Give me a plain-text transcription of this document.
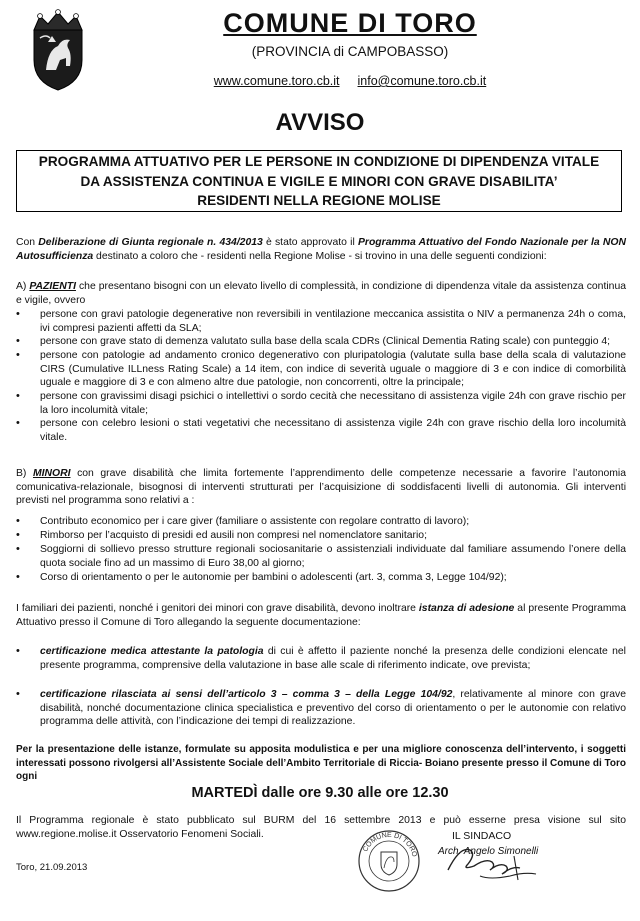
COMUNE DI TORO
(PROVINCIA di CAMPOBASSO)
www.comune.toro.cb.it info@comune.toro.cb.it
AVVISO
PROGRAMMA ATTUATIVO PER LE PERSONE IN CONDIZIONE DI DIPENDENZA VITALE
DA ASSISTENZA CONTINUA E VIGILE E MINORI CON GRAVE DISABILITA’
RESIDENTI NELLA REGIONE MOLISE
Con Deliberazione di Giunta regionale n. 434/2013 è stato approvato il Programma Attuativo del Fondo Nazionale per la NON Autosufficienza destinato a coloro che - residenti nella Regione Molise - si trovino in una delle seguenti condizioni:
A) PAZIENTI che presentano bisogni con un elevato livello di complessità, in condizione di dipendenza vitale da assistenza continua e vigile, ovvero
• persone con gravi patologie degenerative non reversibili in ventilazione meccanica assistita o NIV a permanenza 24h o coma, ivi compresi pazienti affetti da SLA;
• persone con grave stato di demenza valutato sulla base della scala CDRs (Clinical Dementia Rating scale) con punteggio 4;
• persone con patologie ad andamento cronico degenerativo con pluripatologia (valutate sulla base della scala di valutazione CIRS (Cumulative ILLness Rating Scale) a 14 item, con indice di severità uguale o maggiore di 3 e con indice di comorbilità uguale e maggiore di 3 e con almeno altre due patologie, non concorrenti, oltre la principale;
• persone con gravissimi disagi psichici o intellettivi o sordo cecità che necessitano di assistenza vigile 24h con grave rischio per la loro incolumità vitale;
• persone con celebro lesioni o stati vegetativi che necessitano di assistenza vigile 24h con grave rischio della loro incolumità vitale.
B) MINORI con grave disabilità che limita fortemente l’apprendimento delle competenze necessarie a favorire l’autonomia comunicativa-relazionale, bisognosi di interventi strutturati per l’acquisizione di soddisfacenti livelli di autonomia. Gli interventi previsti nel programma sono relativi a :
• Contributo economico per i care giver (familiare o assistente con regolare contratto di lavoro);
• Rimborso per l’acquisto di presidi ed ausili non compresi nel nomenclatore sanitario;
• Soggiorni di sollievo presso strutture regionali sociosanitarie o assistenziali individuate dal familiare assumendo l’onere della quota sociale fino ad un massimo di Euro 38,00 al giorno;
• Corso di orientamento o per le autonomie per bambini o adolescenti (art. 3, comma 3, Legge 104/92);
I familiari dei pazienti, nonché i genitori dei minori con grave disabilità, devono inoltrare istanza di adesione al presente Programma Attuativo presso il Comune di Toro allegando la seguente documentazione:
• certificazione medica attestante la patologia di cui è affetto il paziente nonché la presenza delle condizioni elencate nel presente programma, comprensive della valutazione in base alle scale di riferimento indicate, ove prevista;
• certificazione rilasciata ai sensi dell’articolo 3 – comma 3 – della Legge 104/92, relativamente al minore con grave disabilità, nonché documentazione clinica specialistica e preventivo del corso di orientamento o per le autonomie con relativo programma delle attività, con l’indicazione dei tempi di realizzazione.
Per la presentazione delle istanze, formulate su apposita modulistica e per una migliore conoscenza dell’intervento, i soggetti interessati possono rivolgersi all’Assistente Sociale dell’Ambito Territoriale di Riccia- Boiano presente presso il Comune di Toro ogni
MARTEDÌ dalle ore 9.30 alle ore 12.30
Il Programma regionale è stato pubblicato sul BURM del 16 settembre 2013 e può esserne presa visione sul sito www.regione.molise.it Osservatorio Fenomeni Sociali.
Toro, 21.09.2013
COMUNE DI TORO
IL SINDACO
Arch. Angelo Simonelli
